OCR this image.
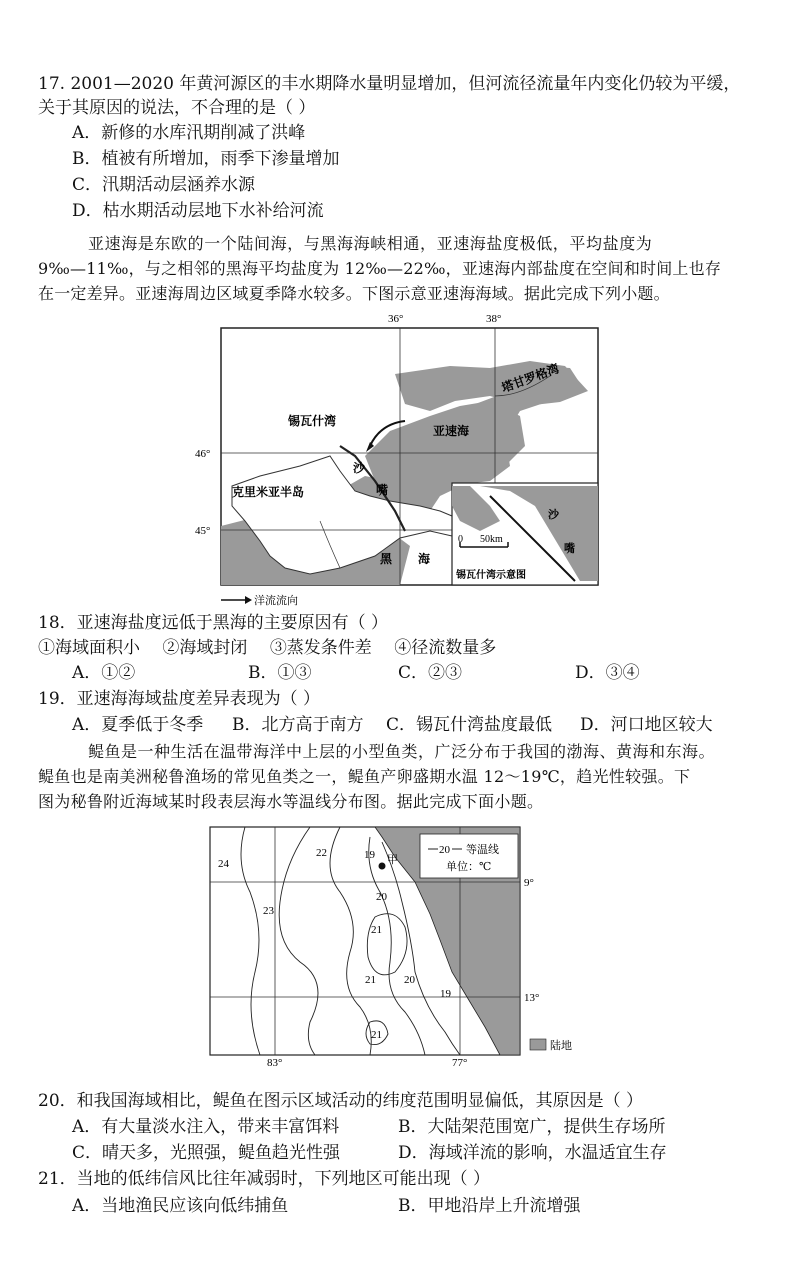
17. 2001—2020 年黄河源区的丰水期降水量明显增加，但河流径流量年内变化仍较为平缓，
关于其原因的说法，不合理的是（ ）
A．新修的水库汛期削减了洪峰
B．植被有所增加，雨季下渗量增加
C．汛期活动层涵养水源
D．枯水期活动层地下水补给河流
亚速海是东欧的一个陆间海，与黑海海峡相通，亚速海盐度极低，平均盐度为
9‰—11‰，与之相邻的黑海平均盐度为 12‰—22‰，亚速海内部盐度在空间和时间上也存
在一定差异。亚速海周边区域夏季降水较多。下图示意亚速海海域。据此完成下列小题。
36°	38°
46°
45°
塔甘罗格湾
锡瓦什湾
亚速海
沙
嘴
克里米亚半岛
黑 海
沙
嘴
0 50km
锡瓦什湾示意图
洋流流向
18．亚速海盐度远低于黑海的主要原因有（ ）
①海域面积小  ②海域封闭  ③蒸发条件差  ④径流数量多
A．①②	B．①③	C．②③	D．③④
19．亚速海海域盐度差异表现为（ ）
A．夏季低于冬季 B．北方高于南方 C．锡瓦什湾盐度最低 D．河口地区较大
鳀鱼是一种生活在温带海洋中上层的小型鱼类，广泛分布于我国的渤海、黄海和东海。
鳀鱼也是南美洲秘鲁渔场的常见鱼类之一，鳀鱼产卵盛期水温 12～19℃，趋光性较强。下
图为秘鲁附近海域某时段表层海水等温线分布图。据此完成下面小题。
20 等温线
单位：℃
24
22
23
19 甲
20
21
21	20
19
21
9°
13°
83°	77°
陆地
20．和我国海域相比，鳀鱼在图示区域活动的纬度范围明显偏低，其原因是（ ）
A．有大量淡水注入，带来丰富饵料	B．大陆架范围宽广，提供生存场所
C．晴天多，光照强，鳀鱼趋光性强	D．海域洋流的影响，水温适宜生存
21．当地的低纬信风比往年减弱时，下列地区可能出现（ ）
A．当地渔民应该向低纬捕鱼	B．甲地沿岸上升流增强
